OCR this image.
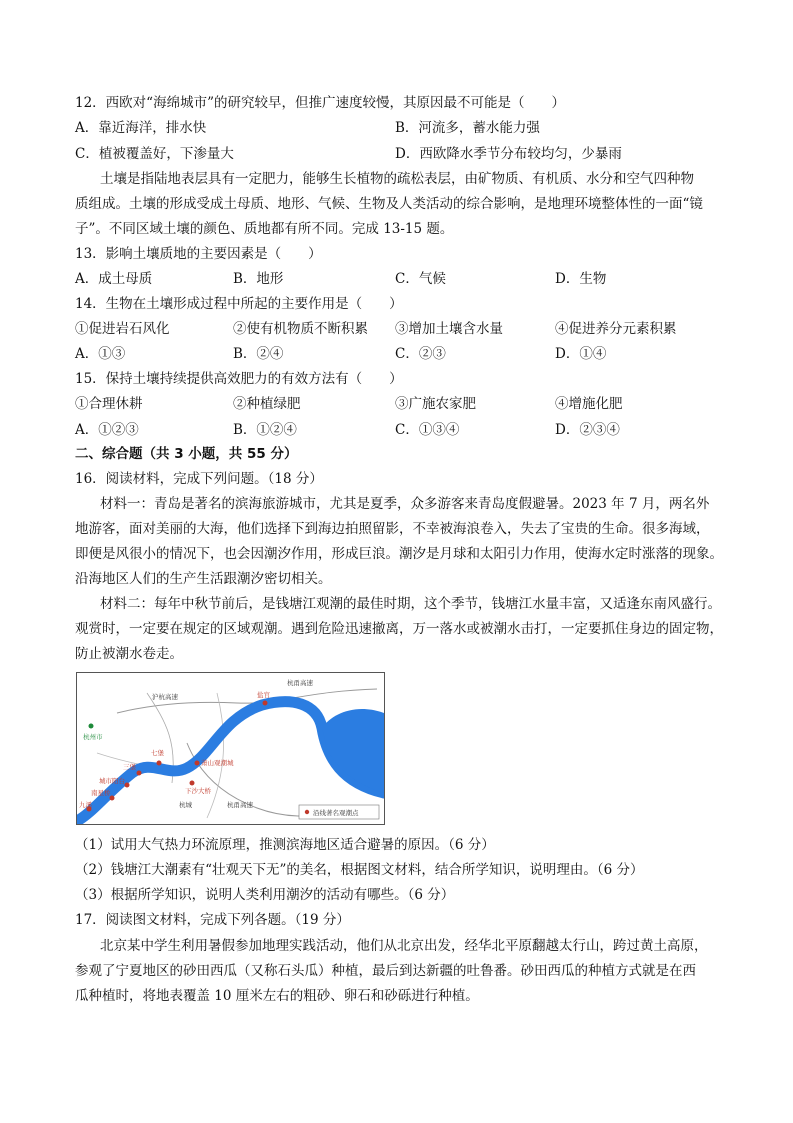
12．西欧对“海绵城市”的研究较早，但推广速度较慢，其原因最不可能是（　　）
A．靠近海洋，排水快	B．河流多，蓄水能力强
C．植被覆盖好，下渗量大	D．西欧降水季节分布较均匀，少暴雨
土壤是指陆地表层具有一定肥力，能够生长植物的疏松表层，由矿物质、有机质、水分和空气四种物
质组成。土壤的形成受成土母质、地形、气候、生物及人类活动的综合影响，是地理环境整体性的一面“镜
子”。不同区域土壤的颜色、质地都有所不同。完成 13-15 题。
13．影响土壤质地的主要因素是（　　）
A．成土母质	B．地形	C．气候	D．生物
14．生物在土壤形成过程中所起的主要作用是（　　）
①促进岩石风化	②使有机物质不断积累 ③增加土壤含水量	④促进养分元素积累
A．①③	B．②④	C．②③	D．①④
15．保持土壤持续提供高效肥力的有效方法有（　　）
①合理休耕	②种植绿肥	③广施农家肥	④增施化肥
A．①②③	B．①②④	C．①③④	D．②③④
二、综合题（共 3 小题，共 55 分）
16．阅读材料，完成下列问题。（18 分）
材料一：青岛是著名的滨海旅游城市，尤其是夏季，众多游客来青岛度假避暑。2023 年 7 月，两名外
地游客，面对美丽的大海，他们选择下到海边拍照留影，不幸被海浪卷入，失去了宝贵的生命。很多海域，
即便是风很小的情况下，也会因潮汐作用，形成巨浪。潮汐是月球和太阳引力作用，使海水定时涨落的现象。
沿海地区人们的生产生活跟潮汐密切相关。
材料二：每年中秋节前后，是钱塘江观潮的最佳时期，这个季节，钱塘江水量丰富，又适逢东南风盛行。
观赏时，一定要在规定的区域观潮。遇到危险迅速撤离，万一落水或被潮水击打，一定要抓住身边的固定物，
防止被潮水卷走。
沪杭高速
杭甬高速
杭州市
盐官
七堡
三堡
城市阳台
南星桥
九溪
萧山观潮城
下沙大桥
杭甬高速
杭城
沿线著名观潮点
（1）试用大气热力环流原理，推测滨海地区适合避暑的原因。（6 分）
（2）钱塘江大潮素有“壮观天下无”的美名，根据图文材料，结合所学知识，说明理由。（6 分）
（3）根据所学知识，说明人类利用潮汐的活动有哪些。（6 分）
17．阅读图文材料，完成下列各题。（19 分）
北京某中学生利用暑假参加地理实践活动，他们从北京出发，经华北平原翻越太行山，跨过黄土高原，
参观了宁夏地区的砂田西瓜（又称石头瓜）种植，最后到达新疆的吐鲁番。砂田西瓜的种植方式就是在西
瓜种植时，将地表覆盖 10 厘米左右的粗砂、卵石和砂砾进行种植。
